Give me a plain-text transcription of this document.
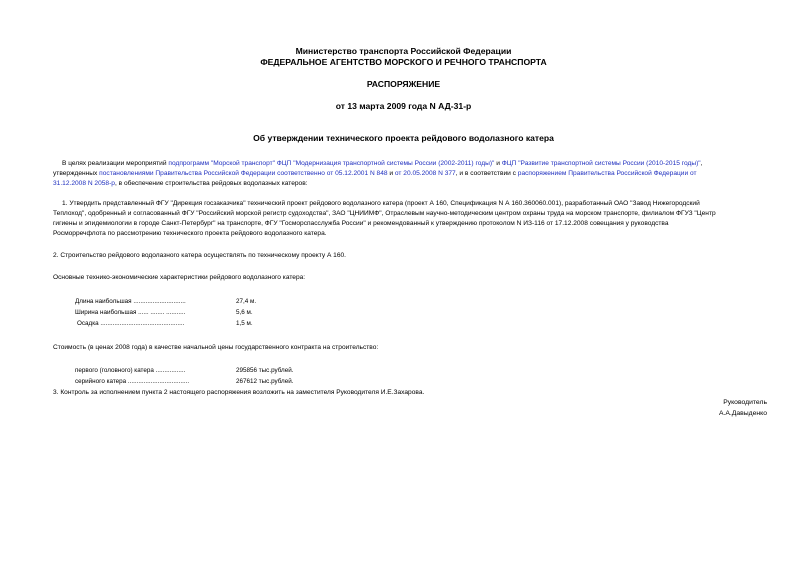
Министерство транспорта Российской Федерации
ФЕДЕРАЛЬНОЕ АГЕНТСТВО МОРСКОГО И РЕЧНОГО ТРАНСПОРТА
РАСПОРЯЖЕНИЕ
от 13 марта 2009 года N АД-31-р
Об утверждении технического проекта рейдового водолазного катера
В целях реализации мероприятий подпрограмм "Морской транспорт" ФЦП "Модернизация транспортной системы России (2002-2011) годы)" и ФЦП "Развитие транспортной системы России (2010-2015 годы)",
утвержденных постановлениями Правительства Российской Федерации соответственно от 05.12.2001 N 848 и от 20.05.2008 N 377, и в соответствии с распоряжением Правительства Российской Федерации от
31.12.2008 N 2058-р, в обеспечение строительства рейдовых водолазных катеров:
1. Утвердить представленный ФГУ "Дирекция госзаказчика" технический проект рейдового водолазного катера (проект А 160, Спецификация N А 160.360060.001), разработанный ОАО "Завод Нижегородский
Теплоход", одобренный и согласованный ФГУ "Российский морской регистр судоходства", ЗАО "ЦНИИМФ", Отраслевым научно-методическим центром охраны труда на морском транспорте, филиалом ФГУЗ "Центр
гигиены и эпидемиологии в городе Санкт-Петербург" на транспорте, ФГУ "Госморспасслужба России" и рекомендованный к утверждению протоколом N ИЗ-116 от 17.12.2008 совещания у руководства
Росморречфлота по рассмотрению технического проекта рейдового водолазного катера.
2. Строительство рейдового водолазного катера осуществлять по техническому проекту А 160.
Основные технико-экономические характеристики рейдового водолазного катера:
Длина наибольшая ..............................	27,4 м.
Ширина наибольшая ...... ........ ...........	5,6 м.
Осадка ................................................	1,5 м.
Стоимость (в ценах 2008 года) в качестве начальной цены государственного контракта на строительство:
первого (головного) катера .................	295856 тыс.рублей.
серийного катера ...................................	267612 тыс.рублей.
3. Контроль за исполнением пункта 2 настоящего распоряжения возложить на заместителя Руководителя И.Е.Захарова.
Руководитель
А.А.Давыденко
